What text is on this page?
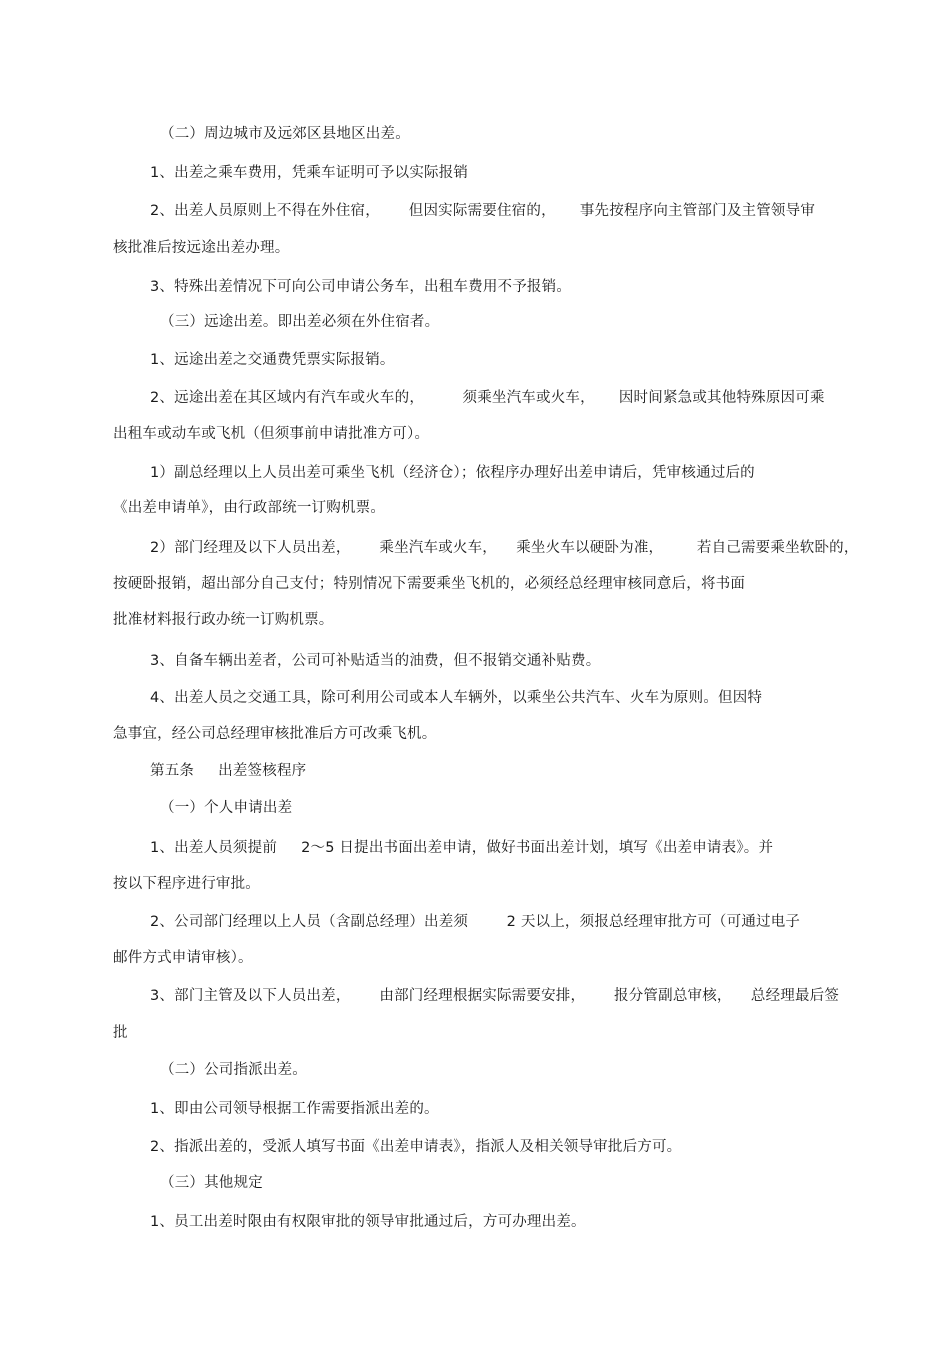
（二）周边城市及远郊区县地区出差。
1、出差之乘车费用，凭乘车证明可予以实际报销
2、出差人员原则上不得在外住宿，      但因实际需要住宿的，     事先按程序向主管部门及主管领导审
核批准后按远途出差办理。
3、特殊出差情况下可向公司申请公务车，出租车费用不予报销。
（三）远途出差。即出差必须在外住宿者。
1、远途出差之交通费凭票实际报销。
2、远途出差在其区域内有汽车或火车的，        须乘坐汽车或火车，     因时间紧急或其他特殊原因可乘
出租车或动车或飞机（但须事前申请批准方可）。
1）副总经理以上人员出差可乘坐飞机（经济仓）；依程序办理好出差申请后，凭审核通过后的
《出差申请单》，由行政部统一订购机票。
2）部门经理及以下人员出差，      乘坐汽车或火车，    乘坐火车以硬卧为准，       若自己需要乘坐软卧的，
按硬卧报销，超出部分自己支付；特别情况下需要乘坐飞机的，必须经总经理审核同意后，将书面
批准材料报行政办统一订购机票。
3、自备车辆出差者，公司可补贴适当的油费，但不报销交通补贴费。
4、出差人员之交通工具，除可利用公司或本人车辆外，以乘坐公共汽车、火车为原则。但因特
急事宜，经公司总经理审核批准后方可改乘飞机。
第五条     出差签核程序
（一）个人申请出差
1、出差人员须提前     2～5 日提出书面出差申请，做好书面出差计划，填写《出差申请表》。并
按以下程序进行审批。
2、公司部门经理以上人员（含副总经理）出差须        2 天以上，须报总经理审批方可（可通过电子
邮件方式申请审核）。
3、部门主管及以下人员出差，      由部门经理根据实际需要安排，      报分管副总审核，    总经理最后签
批
（二）公司指派出差。
1、即由公司领导根据工作需要指派出差的。
2、指派出差的，受派人填写书面《出差申请表》，指派人及相关领导审批后方可。
（三）其他规定
1、员工出差时限由有权限审批的领导审批通过后，方可办理出差。
